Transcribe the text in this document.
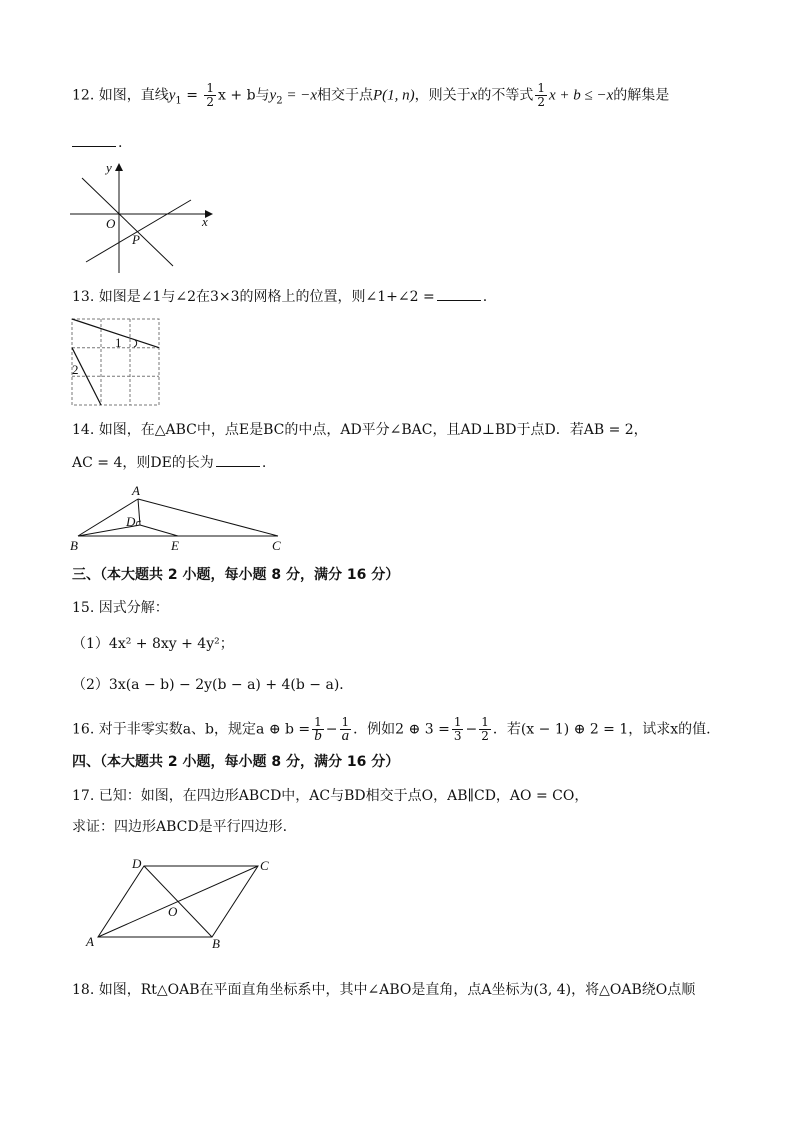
12. 如图，直线$y_1 = \frac{1}{2}$ x + b与$y_2 = -x$相交于点P(1, n)，则关于x的不等式 $\frac{1}{2}$ x + b ≤ −x的解集是
.
y
x
O
P
13. 如图是∠1与∠2在3×3的网格上的位置，则∠1+∠2 =	.
1
2
14. 如图，在△ABC中，点E是BC的中点，AD平分∠BAC，且AD⊥BD于点D．若AB = 2，
AC = 4，则DE的长为	.
A
B	C
D
E
三、（本大题共 2 小题，每小题 8 分，满分 16 分）
15. 因式分解：
（1）4x² + 8xy + 4y²；
（2）3x(a − b) − 2y(b − a) + 4(b − a)．
16. 对于非零实数a、b，规定a ⊕ $b = \frac{1}{b} - \frac{1}{a}$ ．例如2 ⊕ $3 = \frac{1}{3} - \frac{1}{2}$ ．若(x − 1) ⊕ 2 = 1，试求x的值.
四、（本大题共 2 小题，每小题 8 分，满分 16 分）
17. 已知：如图，在四边形ABCD中，AC与BD相交于点O，AB∥CD，AO = CO，
求证：四边形ABCD是平行四边形.
A	B
C
D
O
18. 如图，Rt△OAB在平面直角坐标系中，其中∠ABO是直角，点A坐标为(3, 4)，将△OAB绕O点顺
